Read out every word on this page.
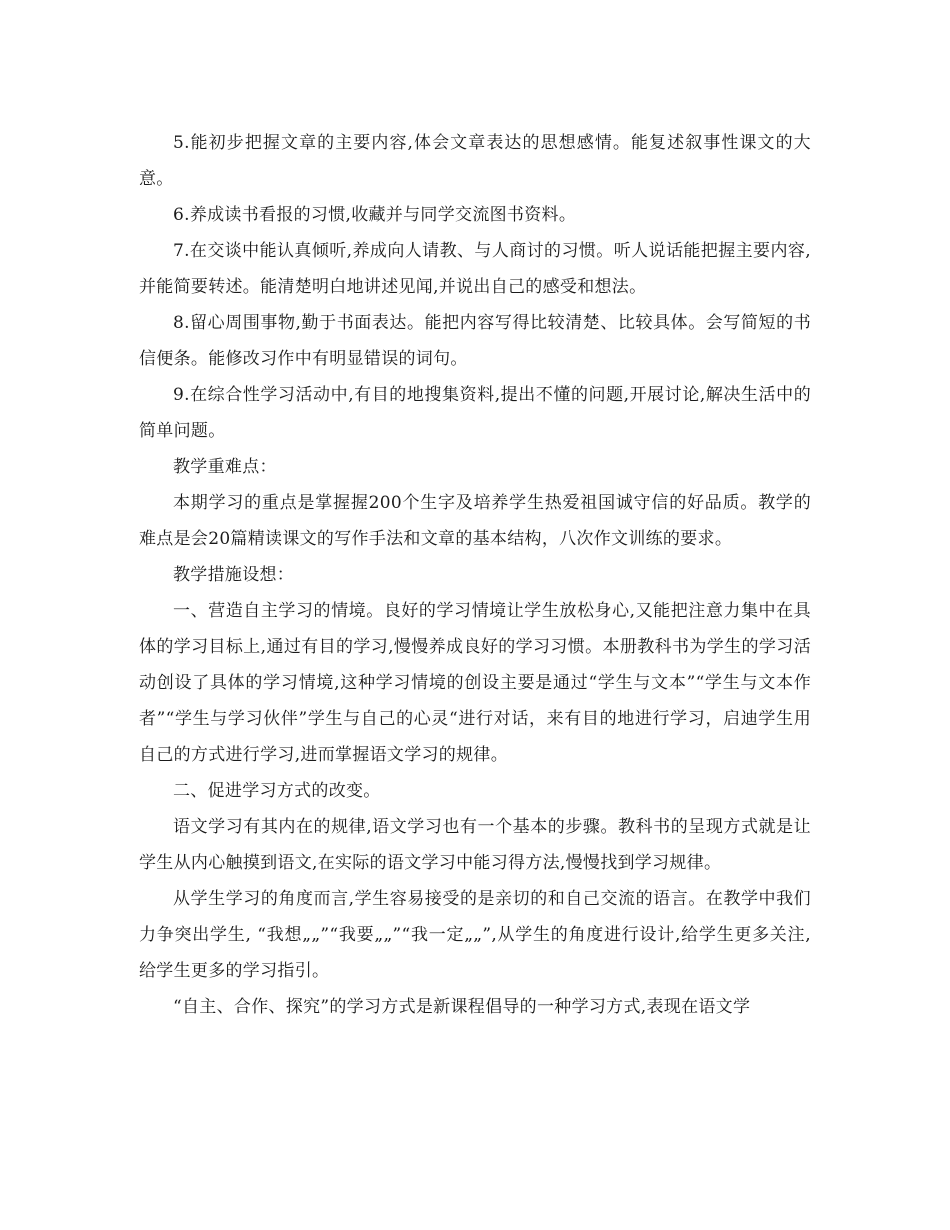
5.能初步把握文章的主要内容,体会文章表达的思想感情。能复述叙事性课文的大意。

6.养成读书看报的习惯,收藏并与同学交流图书资料。

7.在交谈中能认真倾听,养成向人请教、与人商讨的习惯。听人说话能把握主要内容,并能简要转述。能清楚明白地讲述见闻,并说出自己的感受和想法。

8.留心周围事物,勤于书面表达。能把内容写得比较清楚、比较具体。会写简短的书信便条。能修改习作中有明显错误的词句。

9.在综合性学习活动中,有目的地搜集资料,提出不懂的问题,开展讨论,解决生活中的简单问题。

教学重难点：

本期学习的重点是掌握握200个生字及培养学生热爱祖国诚守信的好品质。教学的难点是会20篇精读课文的写作手法和文章的基本结构，八次作文训练的要求。

教学措施设想：

一、营造自主学习的情境。良好的学习情境让学生放松身心,又能把注意力集中在具体的学习目标上,通过有目的学习,慢慢养成良好的学习习惯。本册教科书为学生的学习活动创设了具体的学习情境,这种学习情境的创设主要是通过“学生与文本”“学生与文本作者”“学生与学习伙伴”学生与自己的心灵“进行对话，来有目的地进行学习，启迪学生用自己的方式进行学习,进而掌握语文学习的规律。

二、促进学习方式的改变。

语文学习有其内在的规律,语文学习也有一个基本的步骤。教科书的呈现方式就是让学生从内心触摸到语文,在实际的语文学习中能习得方法,慢慢找到学习规律。

从学生学习的角度而言,学生容易接受的是亲切的和自己交流的语言。在教学中我们力争突出学生, “我想„„”“我要„„”“我一定„„”,从学生的角度进行设计,给学生更多关注,给学生更多的学习指引。

“自主、合作、探究”的学习方式是新课程倡导的一种学习方式,表现在语文学
